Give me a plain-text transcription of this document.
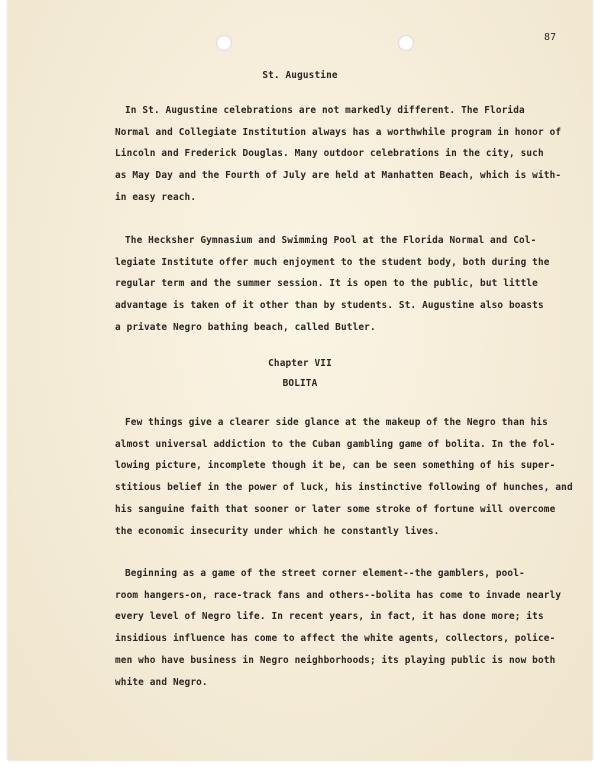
87
St. Augustine
In St. Augustine celebrations are not markedly different. The Florida
Normal and Collegiate Institution always has a worthwhile program in honor of
Lincoln and Frederick Douglas. Many outdoor celebrations in the city, such
as May Day and the Fourth of July are held at Manhatten Beach, which is with-
in easy reach.
The Hecksher Gymnasium and Swimming Pool at the Florida Normal and Col-
legiate Institute offer much enjoyment to the student body, both during the
regular term and the summer session. It is open to the public, but little
advantage is taken of it other than by students. St. Augustine also boasts
a private Negro bathing beach, called Butler.
Chapter VII
BOLITA
Few things give a clearer side glance at the makeup of the Negro than his
almost universal addiction to the Cuban gambling game of bolita. In the fol-
lowing picture, incomplete though it be, can be seen something of his super-
stitious belief in the power of luck, his instinctive following of hunches, and
his sanguine faith that sooner or later some stroke of fortune will overcome
the economic insecurity under which he constantly lives.
Beginning as a game of the street corner element--the gamblers, pool-
room hangers-on, race-track fans and others--bolita has come to invade nearly
every level of Negro life. In recent years, in fact, it has done more; its
insidious influence has come to affect the white agents, collectors, police-
men who have business in Negro neighborhoods; its playing public is now both
white and Negro.
